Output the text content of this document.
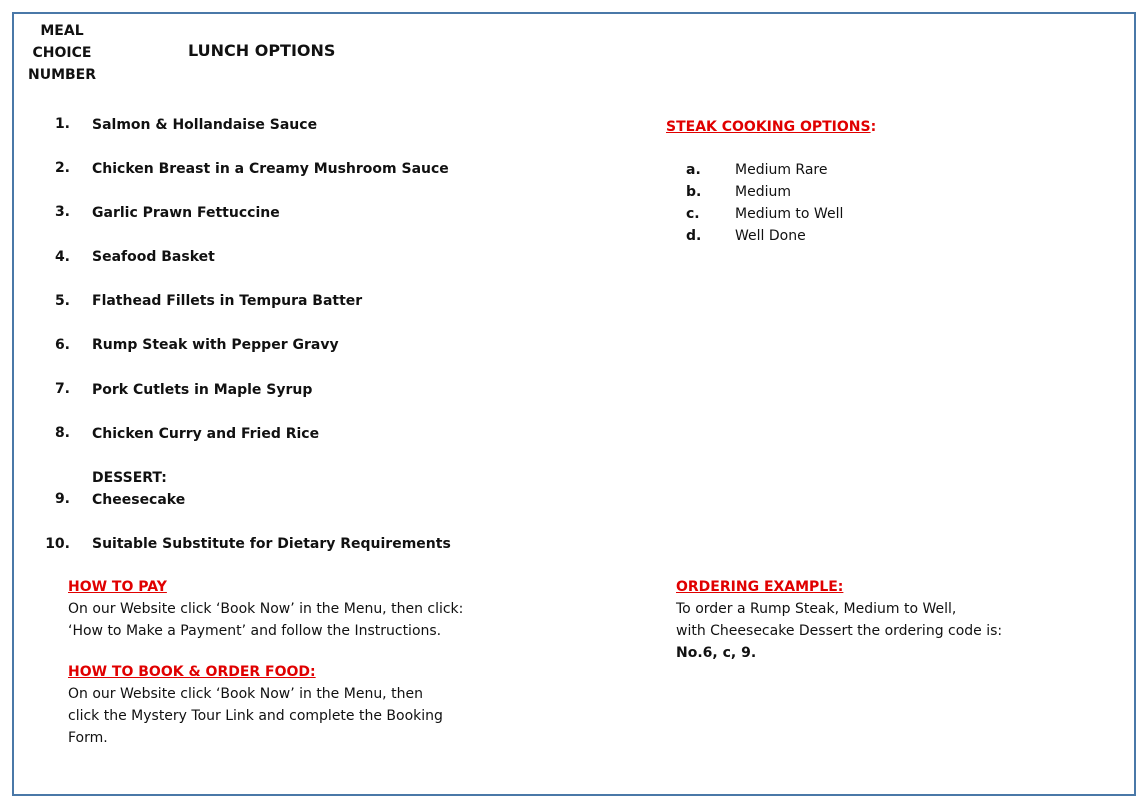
MEAL
CHOICE
NUMBER
LUNCH OPTIONS
1. Salmon & Hollandaise Sauce
2. Chicken Breast in a Creamy Mushroom Sauce
3. Garlic Prawn Fettuccine
4. Seafood Basket
5. Flathead Fillets in Tempura Batter
6. Rump Steak with Pepper Gravy
7. Pork Cutlets in Maple Syrup
8. Chicken Curry and Fried Rice
DESSERT:
9. Cheesecake
10. Suitable Substitute for Dietary Requirements
STEAK COOKING OPTIONS:
a. Medium Rare
b. Medium
c.	Medium to Well
d. Well Done
HOW TO PAY
On our Website click ‘Book Now’ in the Menu, then click:
‘How to Make a Payment’ and follow the Instructions.
HOW TO BOOK & ORDER FOOD:
On our Website click ‘Book Now’ in the Menu, then
click the Mystery Tour Link and complete the Booking
Form.
ORDERING EXAMPLE:
To order a Rump Steak, Medium to Well,
with Cheesecake Dessert the ordering code is:
No.6, c, 9.
